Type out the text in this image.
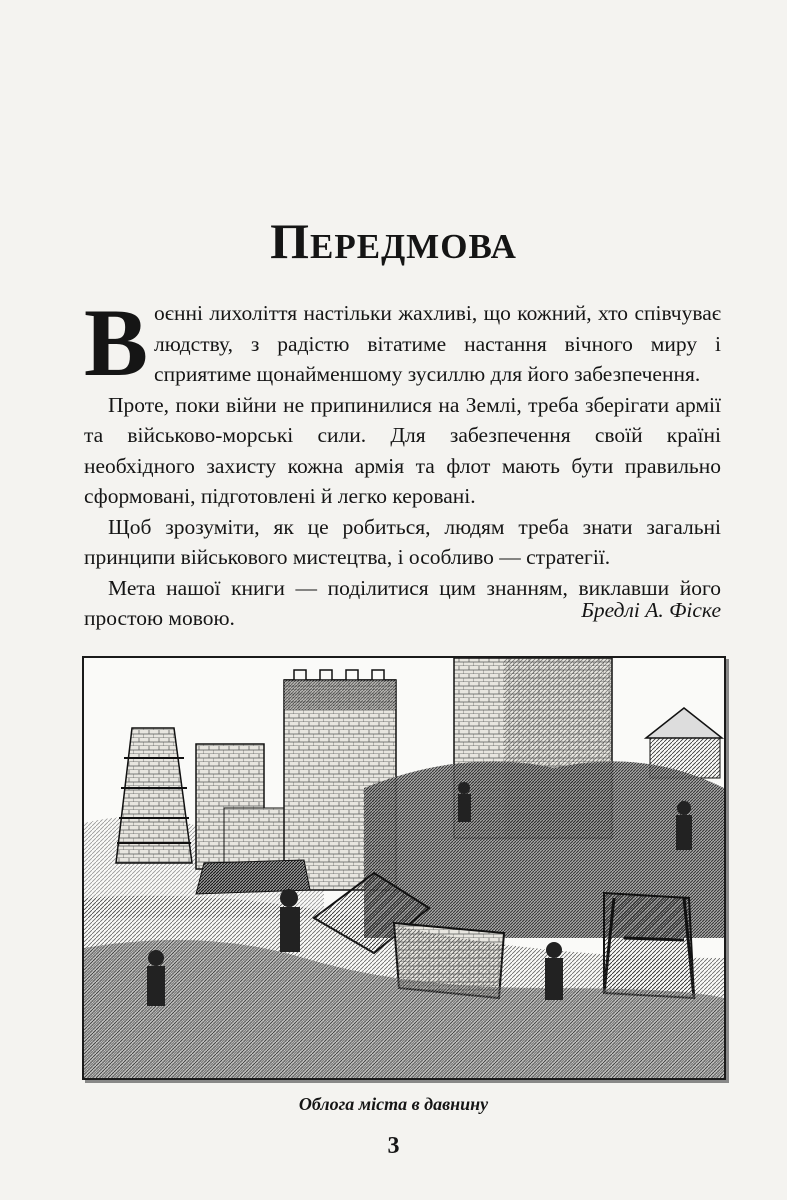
Передмова

Воєнні лихоліття настільки жахливі, що кожний, хто співчуває людству, з радістю вітатиме настання вічного миру і сприятиме щонайменшому зусиллю для його забезпечення.

Проте, поки війни не припинилися на Землі, треба зберігати армії та військово-морські сили. Для забезпечення своїй країні необхідного захисту кожна армія та флот мають бути правильно сформовані, підготовлені й легко керовані.

Щоб зрозуміти, як це робиться, людям треба знати загальні принципи військового мистецтва, і особливо — стратегії.

Мета нашої книги — поділитися цим знанням, виклавши його простою мовою.	Бредлі А. Фіске
Облога міста в давнину
3
